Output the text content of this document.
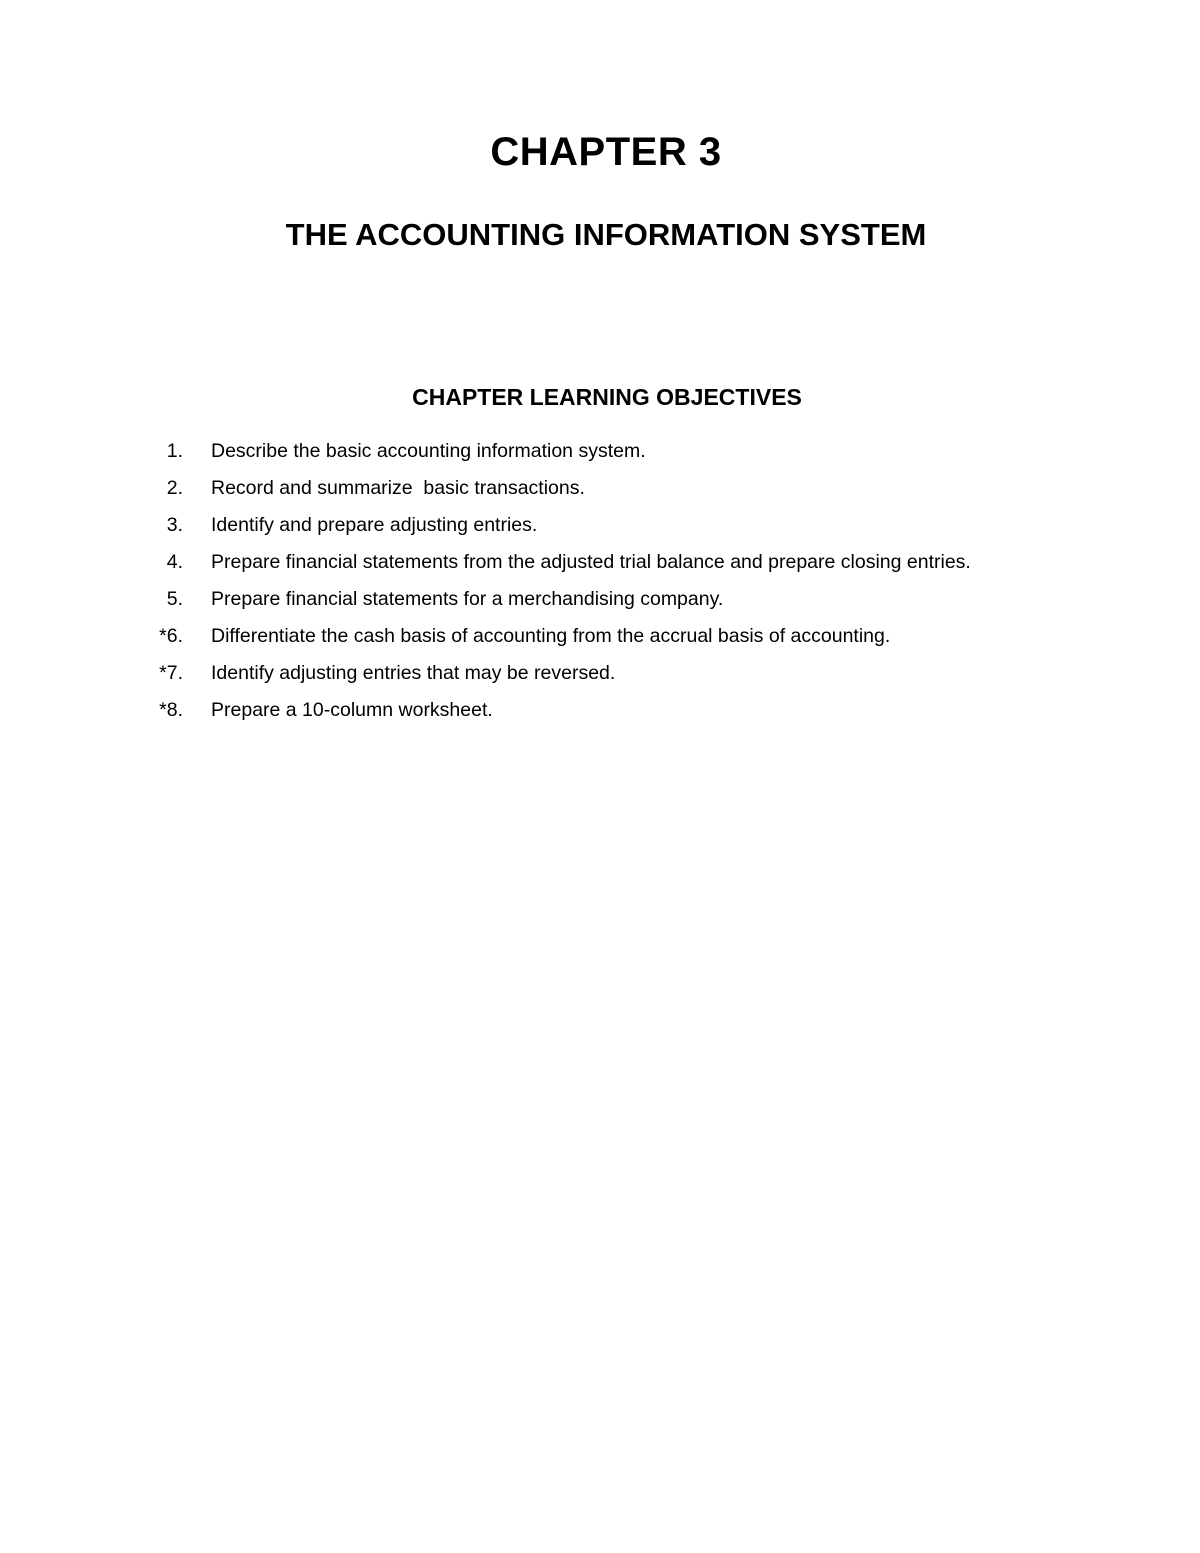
CHAPTER 3
THE ACCOUNTING INFORMATION SYSTEM
CHAPTER LEARNING OBJECTIVES
1. Describe the basic accounting information system.
2. Record and summarize  basic transactions.
3. Identify and prepare adjusting entries.
4. Prepare financial statements from the adjusted trial balance and prepare closing entries.
5. Prepare financial statements for a merchandising company.
*6. Differentiate the cash basis of accounting from the accrual basis of accounting.
*7. Identify adjusting entries that may be reversed.
*8. Prepare a 10-column worksheet.
